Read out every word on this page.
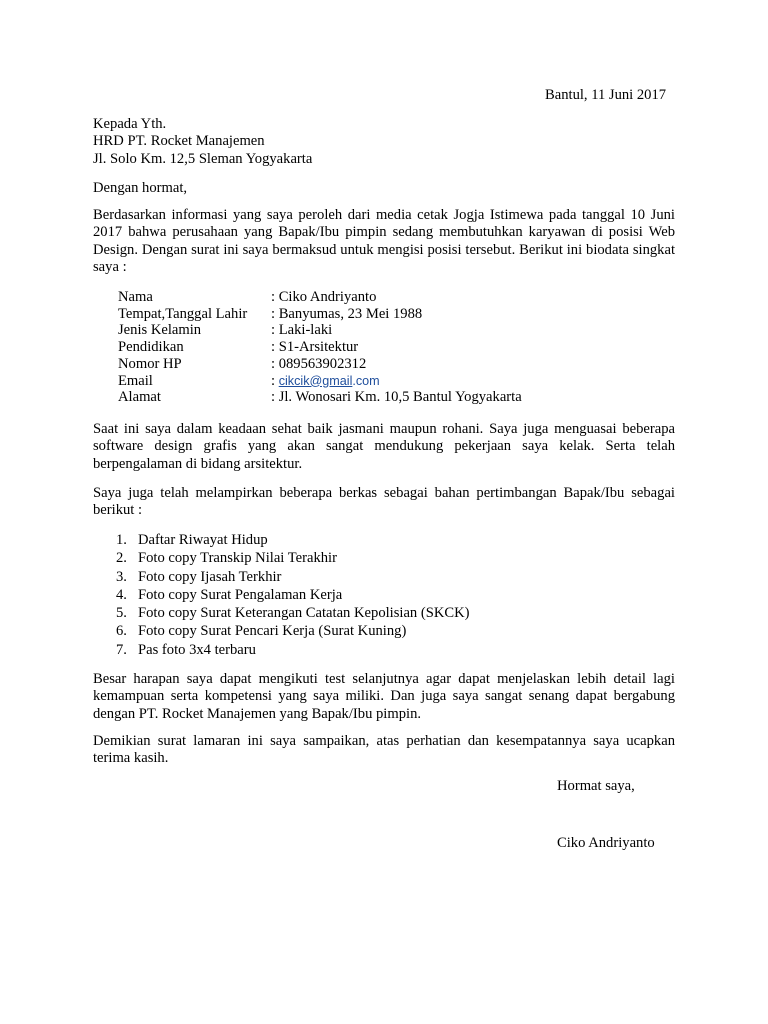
Bantul, 11 Juni 2017
Kepada Yth.
HRD PT. Rocket Manajemen
Jl. Solo Km. 12,5 Sleman Yogyakarta
Dengan hormat,
Berdasarkan informasi yang saya peroleh dari media cetak Jogja Istimewa pada tanggal 10 Juni 2017 bahwa perusahaan yang Bapak/Ibu pimpin sedang membutuhkan karyawan di posisi Web Design. Dengan surat ini saya bermaksud untuk mengisi posisi tersebut. Berikut ini biodata singkat saya :
Nama	: Ciko Andriyanto
Tempat,Tanggal Lahir	: Banyumas, 23 Mei 1988
Jenis Kelamin	: Laki-laki
Pendidikan	: S1-Arsitektur
Nomor HP	: 089563902312
Email	: cikcik@gmail.com
Alamat	: Jl. Wonosari Km. 10,5 Bantul Yogyakarta
Saat ini saya dalam keadaan sehat baik jasmani maupun rohani. Saya juga menguasai beberapa software design grafis yang akan sangat mendukung pekerjaan saya kelak. Serta telah berpengalaman di bidang arsitektur.
Saya juga telah melampirkan beberapa berkas sebagai bahan pertimbangan Bapak/Ibu sebagai berikut :
1. Daftar Riwayat Hidup
2. Foto copy Transkip Nilai Terakhir
3. Foto copy Ijasah Terkhir
4. Foto copy Surat Pengalaman Kerja
5. Foto copy Surat Keterangan Catatan Kepolisian (SKCK)
6. Foto copy Surat Pencari Kerja (Surat Kuning)
7. Pas foto 3x4 terbaru
Besar harapan saya dapat mengikuti test selanjutnya agar dapat menjelaskan lebih detail lagi kemampuan serta kompetensi yang saya miliki. Dan juga saya sangat senang dapat bergabung dengan PT. Rocket Manajemen yang Bapak/Ibu pimpin.
Demikian surat lamaran ini saya sampaikan, atas perhatian dan kesempatannya saya ucapkan terima kasih.
Hormat saya,
Ciko Andriyanto
